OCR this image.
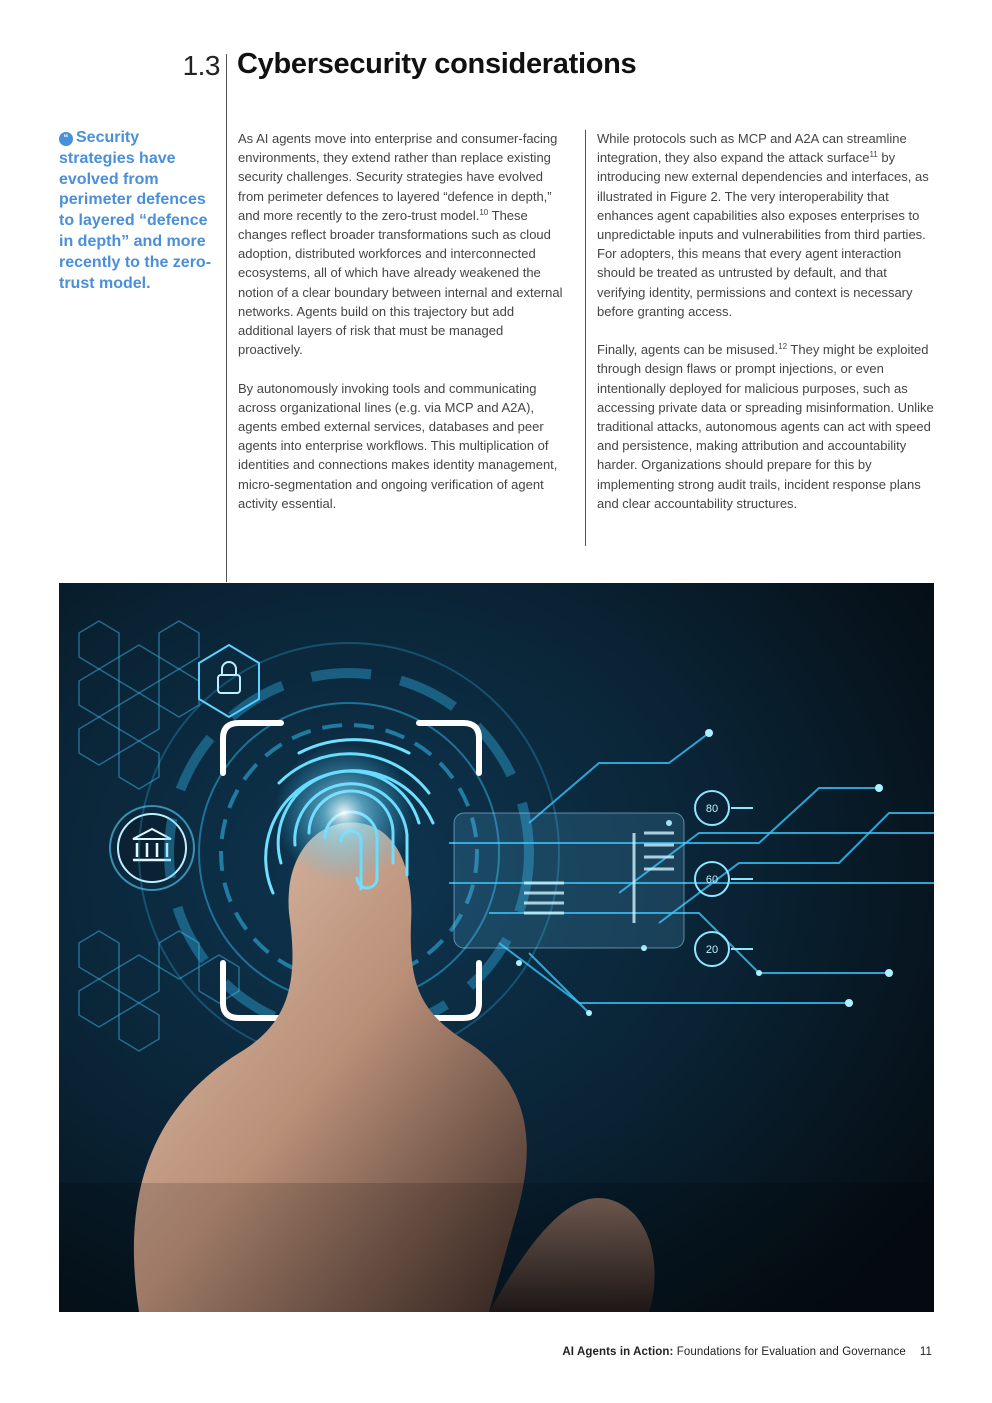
1.3 Cybersecurity considerations
“ Security strategies have evolved from perimeter defences to layered “defence in depth” and more recently to the zero-trust model.

As AI agents move into enterprise and consumer-facing environments, they extend rather than replace existing security challenges. Security strategies have evolved from perimeter defences to layered “defence in depth,” and more recently to the zero-trust model.$^{10}$ These changes reflect broader transformations such as cloud adoption, distributed workforces and interconnected ecosystems, all of which have already weakened the notion of a clear boundary between internal and external networks. Agents build on this trajectory but add additional layers of risk that must be managed proactively.

By autonomously invoking tools and communicating across organizational lines (e.g. via MCP and A2A), agents embed external services, databases and peer agents into enterprise workflows. This multiplication of identities and connections makes identity management, micro-segmentation and ongoing verification of agent activity essential.

While protocols such as MCP and A2A can streamline integration, they also expand the attack surface$^{11}$ by introducing new external dependencies and interfaces, as illustrated in Figure 2. The very interoperability that enhances agent capabilities also exposes enterprises to unpredictable inputs and vulnerabilities from third parties. For adopters, this means that every agent interaction should be treated as untrusted by default, and that verifying identity, permissions and context is necessary before granting access.

Finally, agents can be misused.$^{12}$ They might be exploited through design flaws or prompt injections, or even intentionally deployed for malicious purposes, such as accessing private data or spreading misinformation. Unlike traditional attacks, autonomous agents can act with speed and persistence, making attribution and accountability harder. Organizations should prepare for this by implementing strong audit trails, incident response plans and clear accountability structures.

80
60
20
AI Agents in Action: Foundations for Evaluation and Governance 11
